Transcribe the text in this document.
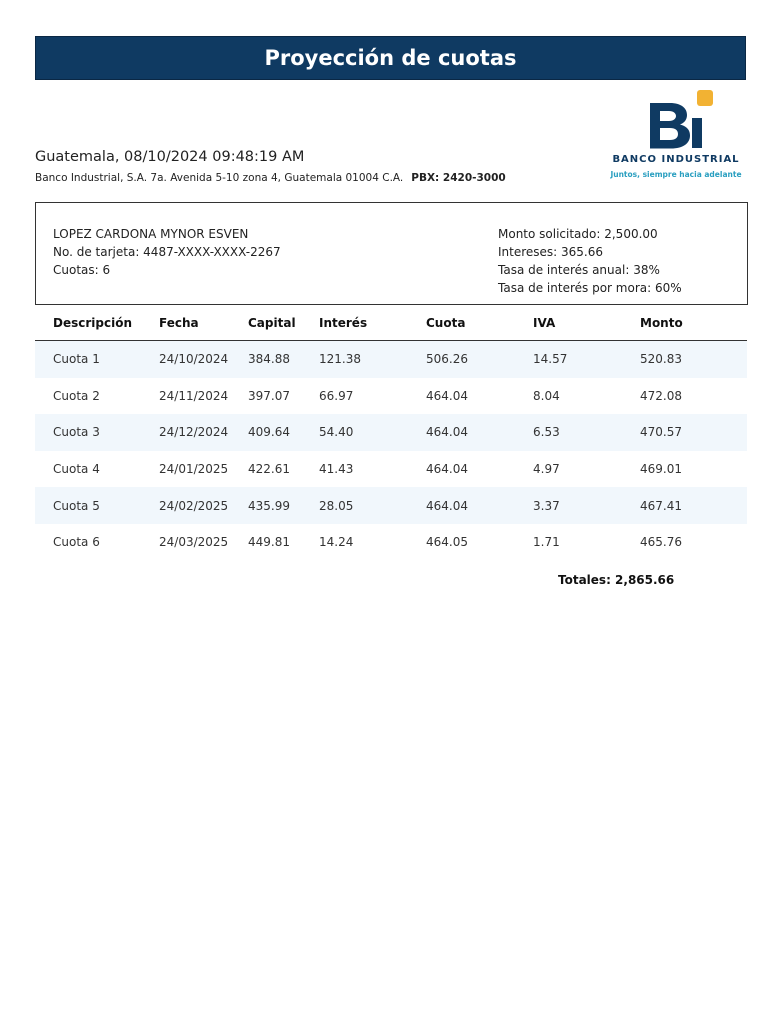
Proyección de cuotas
BANCO INDUSTRIAL
Juntos, siempre hacia adelante
Guatemala, 08/10/2024 09:48:19 AM
Banco Industrial, S.A. 7a. Avenida 5-10 zona 4, Guatemala 01004 C.A. PBX: 2420-3000
LOPEZ CARDONA MYNOR ESVEN
No. de tarjeta: 4487-XXXX-XXXX-2267
Cuotas: 6
Monto solicitado: 2,500.00
Intereses: 365.66
Tasa de interés anual: 38%
Tasa de interés por mora: 60%
Descripción	Fecha	Capital	Interés	Cuota	IVA	Monto
Cuota 1	24/10/2024	384.88	121.38	506.26	14.57	520.83
Cuota 2	24/11/2024	397.07	66.97	464.04	8.04	472.08
Cuota 3	24/12/2024	409.64	54.40	464.04	6.53	470.57
Cuota 4	24/01/2025	422.61	41.43	464.04	4.97	469.01
Cuota 5	24/02/2025	435.99	28.05	464.04	3.37	467.41
Cuota 6	24/03/2025	449.81	14.24	464.05	1.71	465.76
Totales: 2,865.66
